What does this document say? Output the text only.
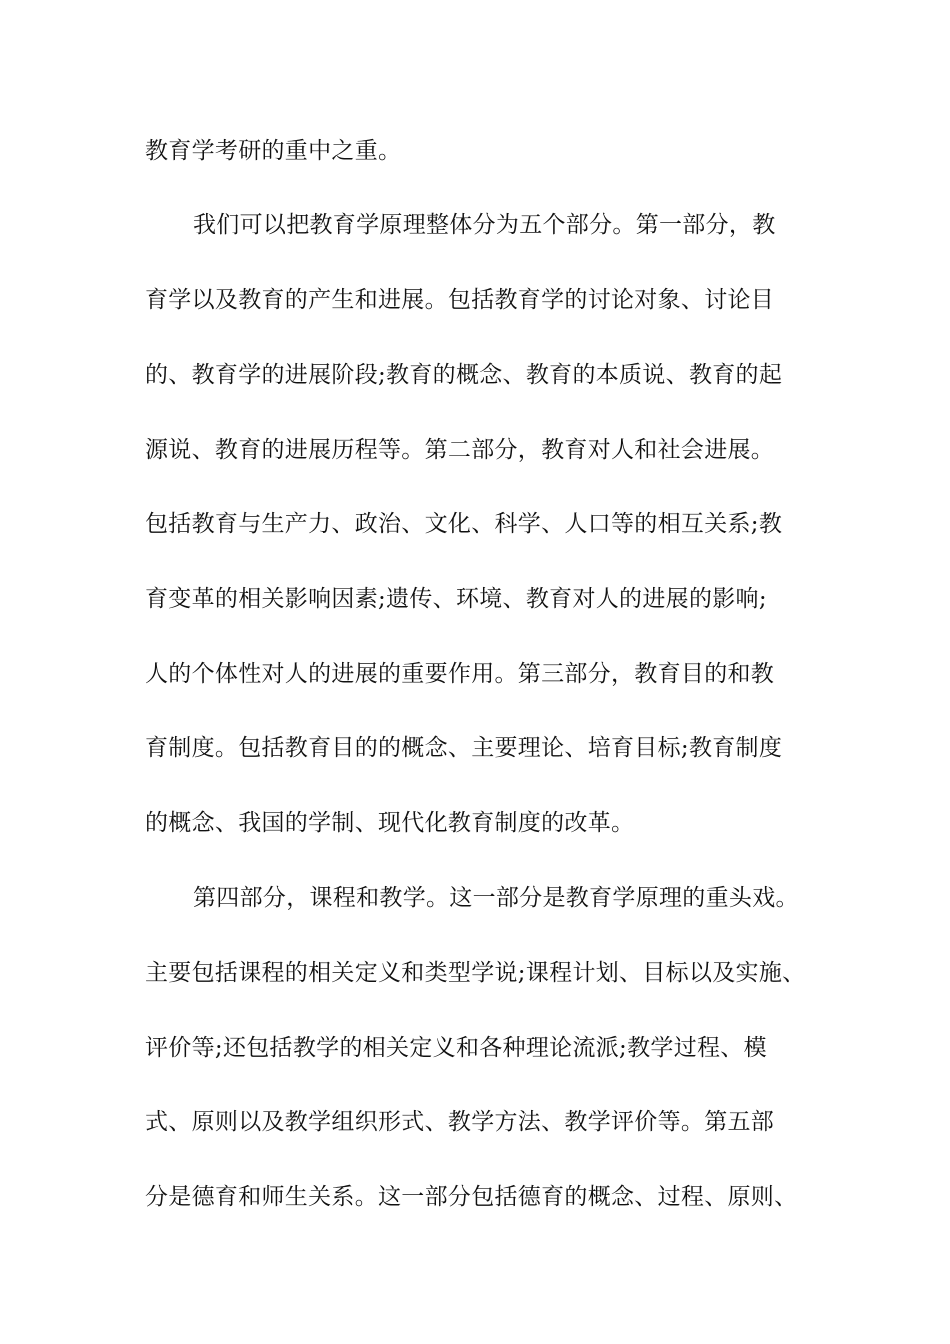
教育学考研的重中之重。
我们可以把教育学原理整体分为五个部分。第一部分，教
育学以及教育的产生和进展。包括教育学的讨论对象、讨论目
的、教育学的进展阶段;教育的概念、教育的本质说、教育的起
源说、教育的进展历程等。第二部分，教育对人和社会进展。
包括教育与生产力、政治、文化、科学、人口等的相互关系;教
育变革的相关影响因素;遗传、环境、教育对人的进展的影响;
人的个体性对人的进展的重要作用。第三部分，教育目的和教
育制度。包括教育目的的概念、主要理论、培育目标;教育制度
的概念、我国的学制、现代化教育制度的改革。
第四部分，课程和教学。这一部分是教育学原理的重头戏。
主要包括课程的相关定义和类型学说;课程计划、目标以及实施、
评价等;还包括教学的相关定义和各种理论流派;教学过程、模
式、原则以及教学组织形式、教学方法、教学评价等。第五部
分是德育和师生关系。这一部分包括德育的概念、过程、原则、
